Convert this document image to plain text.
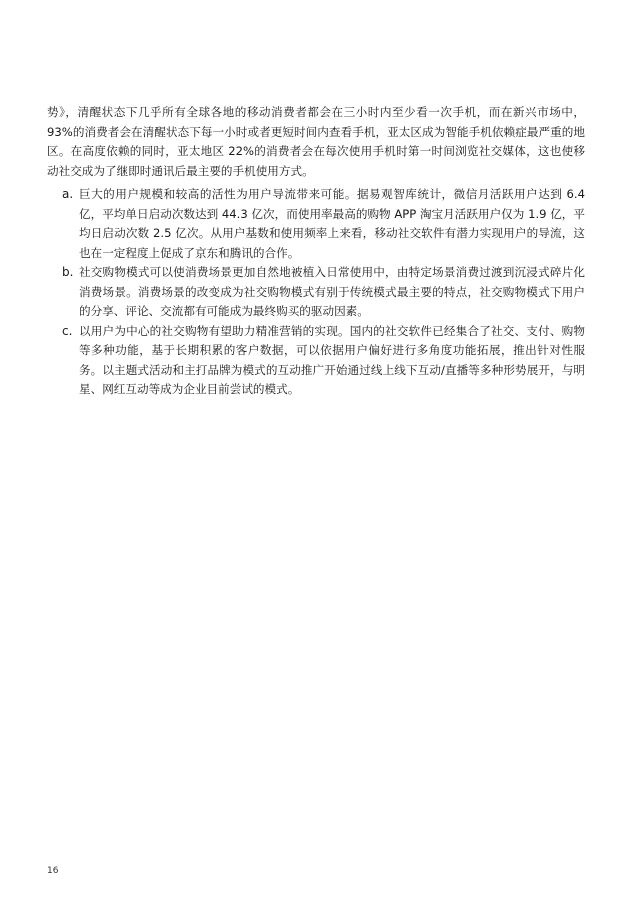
势》，清醒状态下几乎所有全球各地的移动消费者都会在三小时内至少看一次手机，而在新兴市场中，93%的消费者会在清醒状态下每一小时或者更短时间内查看手机，亚太区成为智能手机依赖症最严重的地区。在高度依赖的同时，亚太地区 22%的消费者会在每次使用手机时第一时间浏览社交媒体，这也使移动社交成为了继即时通讯后最主要的手机使用方式。

a. 巨大的用户规模和较高的活性为用户导流带来可能。据易观智库统计，微信月活跃用户达到 6.4 亿，平均单日启动次数达到 44.3 亿次，而使用率最高的购物 APP 淘宝月活跃用户仅为 1.9 亿，平均日启动次数 2.5 亿次。从用户基数和使用频率上来看，移动社交软件有潜力实现用户的导流，这也在一定程度上促成了京东和腾讯的合作。
b. 社交购物模式可以使消费场景更加自然地被植入日常使用中，由特定场景消费过渡到沉浸式碎片化消费场景。消费场景的改变成为社交购物模式有别于传统模式最主要的特点，社交购物模式下用户的分享、评论、交流都有可能成为最终购买的驱动因素。
c. 以用户为中心的社交购物有望助力精准营销的实现。国内的社交软件已经集合了社交、支付、购物等多种功能，基于长期积累的客户数据，可以依据用户偏好进行多角度功能拓展，推出针对性服务。以主题式活动和主打品牌为模式的互动推广开始通过线上线下互动/直播等多种形势展开，与明星、网红互动等成为企业目前尝试的模式。
16
